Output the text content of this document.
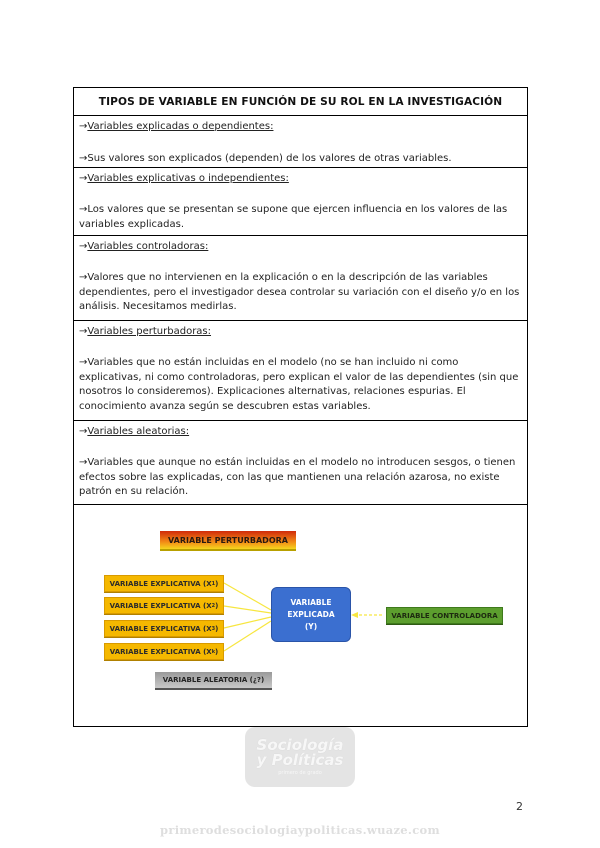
TIPOS DE VARIABLE EN FUNCIÓN DE SU ROL EN LA INVESTIGACIÓN
→Variables explicadas o dependientes:
→Sus valores son explicados (dependen) de los valores de otras variables.
→Variables explicativas o independientes:
→Los valores que se presentan se supone que ejercen influencia en los valores de las variables explicadas.
→Variables controladoras:
→Valores que no intervienen en la explicación o en la descripción de las variables dependientes, pero el investigador desea controlar su variación con el diseño y/o en los análisis. Necesitamos medirlas.
→Variables perturbadoras:
→Variables que no están incluidas en el modelo (no se han incluido ni como explicativas, ni como controladoras, pero explican el valor de las dependientes (sin que nosotros lo consideremos). Explicaciones alternativas, relaciones espurias. El conocimiento avanza según se descubren estas variables.
→Variables aleatorias:
→Variables que aunque no están incluidas en el modelo no introducen sesgos, o tienen efectos sobre las explicadas, con las que mantienen una relación azarosa, no existe patrón en su relación.
VARIABLE PERTURBADORA
VARIABLE EXPLICATIVA (X 1 )
VARIABLE EXPLICATIVA (X 2 )
VARIABLE EXPLICATIVA (X 3 )
VARIABLE EXPLICATIVA (X k )
VARIABLE
EXPLICADA
(Y)
VARIABLE CONTROLADORA
VARIABLE ALEATORIA (¿?)
Sociología
y Políticas
primero de grado
2
primerodesociologiaypoliticas.wuaze.com
